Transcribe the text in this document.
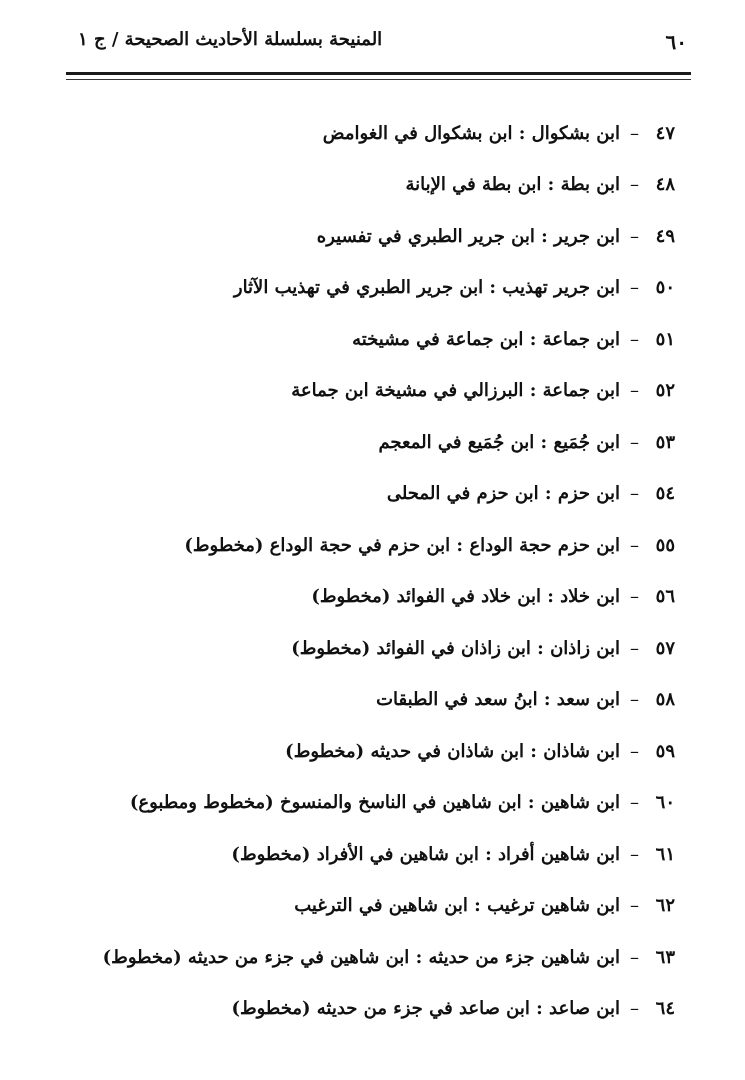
٦٠
المنيحة بسلسلة الأحاديث الصحيحة / ج ١
٤٧
–
ابن بشكوال : ابن بشكوال في الغوامض
٤٨
–
ابن بطة : ابن بطة في الإبانة
٤٩
–
ابن جرير : ابن جرير الطبري في تفسيره
٥٠
–
ابن جرير تهذيب : ابن جرير الطبري في تهذيب الآثار
٥١
–
ابن جماعة : ابن جماعة في مشيخته
٥٢
–
ابن جماعة : البرزالي في مشيخة ابن جماعة
٥٣
–
ابن جُمَيع : ابن جُمَيع في المعجم
٥٤
–
ابن حزم : ابن حزم في المحلى
٥٥
–
ابن حزم حجة الوداع : ابن حزم في حجة الوداع (مخطوط)
٥٦
–
ابن خلاد : ابن خلاد في الفوائد (مخطوط)
٥٧
–
ابن زاذان : ابن زاذان في الفوائد (مخطوط)
٥٨
–
ابن سعد : ابنُ سعد في الطبقات
٥٩
–
ابن شاذان : ابن شاذان في حديثه (مخطوط)
٦٠
–
ابن شاهين : ابن شاهين في الناسخ والمنسوخ (مخطوط ومطبوع)
٦١
–
ابن شاهين أفراد : ابن شاهين في الأفراد (مخطوط)
٦٢
–
ابن شاهين ترغيب : ابن شاهين في الترغيب
٦٣
–
ابن شاهين جزء من حديثه : ابن شاهين في جزء من حديثه (مخطوط)
٦٤
–
ابن صاعد : ابن صاعد في جزء من حديثه (مخطوط)
